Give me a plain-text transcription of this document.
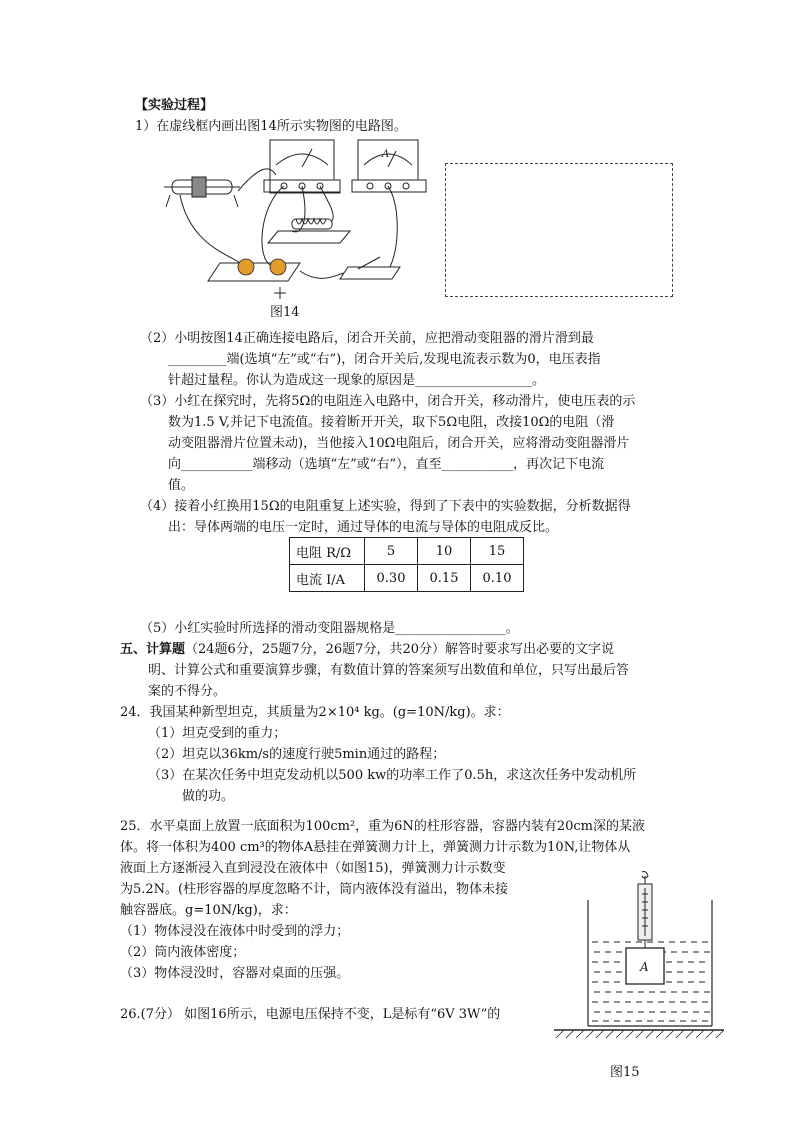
【实验过程】
1）在虚线框内画出图14所示实物图的电路图。
A
图14
（2）小明按图14正确连接电路后，闭合开关前，应把滑动变阻器的滑片滑到最
_________端(选填“左”或“右”)，闭合开关后,发现电流表示数为0，电压表指
针超过量程。你认为造成这一现象的原因是__________________。
（3）小红在探究时，先将5Ω的电阻连入电路中，闭合开关，移动滑片，使电压表的示
数为1.5 V,并记下电流值。接着断开开关，取下5Ω电阻，改接10Ω的电阻（滑
动变阻器滑片位置未动)，当他接入10Ω电阻后，闭合开关，应将滑动变阻器滑片
向___________端移动（选填“左”或“右”），直至___________，再次记下电流
值。
（4）接着小红换用15Ω的电阻重复上述实验，得到了下表中的实验数据，分析数据得
出：导体两端的电压一定时，通过导体的电流与导体的电阻成反比。
电阻 R/Ω	5	10	15
电流 I/A	0.30	0.15	0.10
（5）小红实验时所选择的滑动变阻器规格是_________________。
五、计算题（24题6分，25题7分，26题7分，共20分）解答时要求写出必要的文字说
明、计算公式和重要演算步骤，有数值计算的答案须写出数值和单位，只写出最后答
案的不得分。
24．我国某种新型坦克，其质量为2×10⁴ kg。(g=10N/kg)。求：
（1）坦克受到的重力；
（2）坦克以36km/s的速度行驶5min通过的路程；
（3）在某次任务中坦克发动机以500 kw的功率工作了0.5h，求这次任务中发动机所
做的功。
25．水平桌面上放置一底面积为100cm²，重为6N的柱形容器，容器内装有20cm深的某液
体。将一体积为400 cm³的物体A悬挂在弹簧测力计上，弹簧测力计示数为10N,让物体从
液面上方逐渐浸入直到浸没在液体中（如图15)，弹簧测力计示数变
为5.2N。(柱形容器的厚度忽略不计，筒内液体没有溢出，物体未接
触容器底。g=10N/kg)，求：
（1）物体浸没在液体中时受到的浮力；
（2）筒内液体密度；
（3）物体浸没时，容器对桌面的压强。
26.(7分） 如图16所示，电源电压保持不变，L是标有“6V 3W”的
A
图15
